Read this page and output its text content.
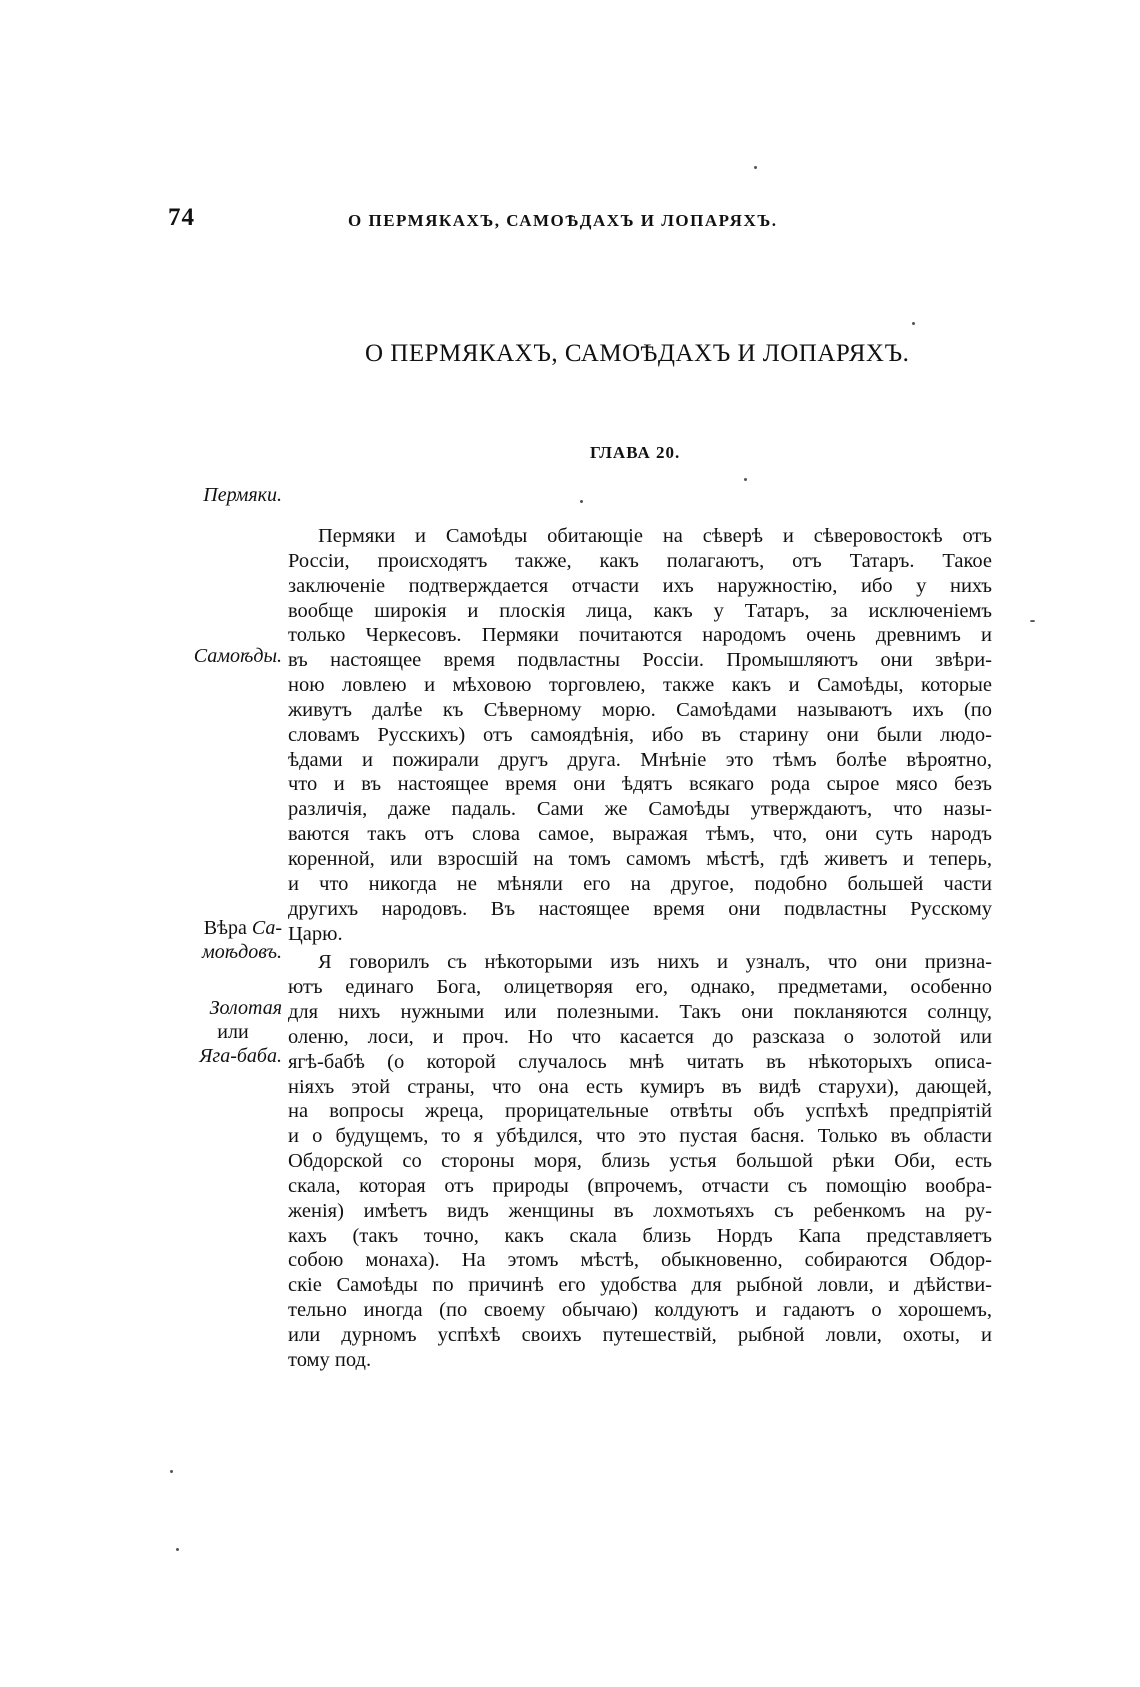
74	О ПЕРМЯКАХЪ, САМОѢДАХЪ И ЛОПАРЯХЪ.
О ПЕРМЯКАХЪ, САМОѢДАХЪ И ЛОПАРЯХЪ.
ГЛАВА 20.
Пермяки.
Самоѣды.
Вѣра Са-
моѣдовъ.
Золотая
или
Яга-баба.
Пермяки и Самоѣды обитающіе на сѣверѣ и сѣверовостокѣ отъ
Россіи, происходятъ также, какъ полагаютъ, отъ Татаръ. Такое
заключеніе подтверждается отчасти ихъ наружностію, ибо у нихъ
вообще широкія и плоскія лица, какъ у Татаръ, за исключеніемъ
только Черкесовъ. Пермяки почитаются народомъ очень древнимъ и
въ настоящее время подвластны Россіи. Промышляютъ они звѣри-
ною ловлею и мѣховою торговлею, также какъ и Самоѣды, которые
живутъ далѣе къ Сѣверному морю. Самоѣдами называютъ ихъ (по
словамъ Русскихъ) отъ самоядѣнія, ибо въ старину они были людо-
ѣдами и пожирали другъ друга. Мнѣніе это тѣмъ болѣе вѣроятно,
что и въ настоящее время они ѣдятъ всякаго рода сырое мясо безъ
различія, даже падаль. Сами же Самоѣды утверждаютъ, что назы-
ваются такъ отъ слова самое, выражая тѣмъ, что, они суть народъ
коренной, или взросшій на томъ самомъ мѣстѣ, гдѣ живетъ и теперь,
и что никогда не мѣняли его на другое, подобно большей части
другихъ народовъ. Въ настоящее время они подвластны Русскому
Царю.
Я говорилъ съ нѣкоторыми изъ нихъ и узналъ, что они призна-
ютъ единаго Бога, олицетворяя его, однако, предметами, особенно
для нихъ нужными или полезными. Такъ они покланяются солнцу,
оленю, лоси, и проч. Но что касается до разсказа о золотой или
ягѣ-бабѣ (о которой случалось мнѣ читать въ нѣкоторыхъ описа-
ніяхъ этой страны, что она есть кумиръ въ видѣ старухи), дающей,
на вопросы жреца, прорицательные отвѣты объ успѣхѣ предпріятій
и о будущемъ, то я убѣдился, что это пустая басня. Только въ области
Обдорской со стороны моря, близь устья большой рѣки Оби, есть
скала, которая отъ природы (впрочемъ, отчасти съ помощію вообра-
женія) имѣетъ видъ женщины въ лохмотьяхъ съ ребенкомъ на ру-
кахъ (такъ точно, какъ скала близь Нордъ Капа представляетъ
собою монаха). На этомъ мѣстѣ, обыкновенно, собираются Обдор-
скіе Самоѣды по причинѣ его удобства для рыбной ловли, и дѣйстви-
тельно иногда (по своему обычаю) колдуютъ и гадаютъ о хорошемъ,
или дурномъ успѣхѣ своихъ путешествій, рыбной ловли, охоты, и
тому под.
